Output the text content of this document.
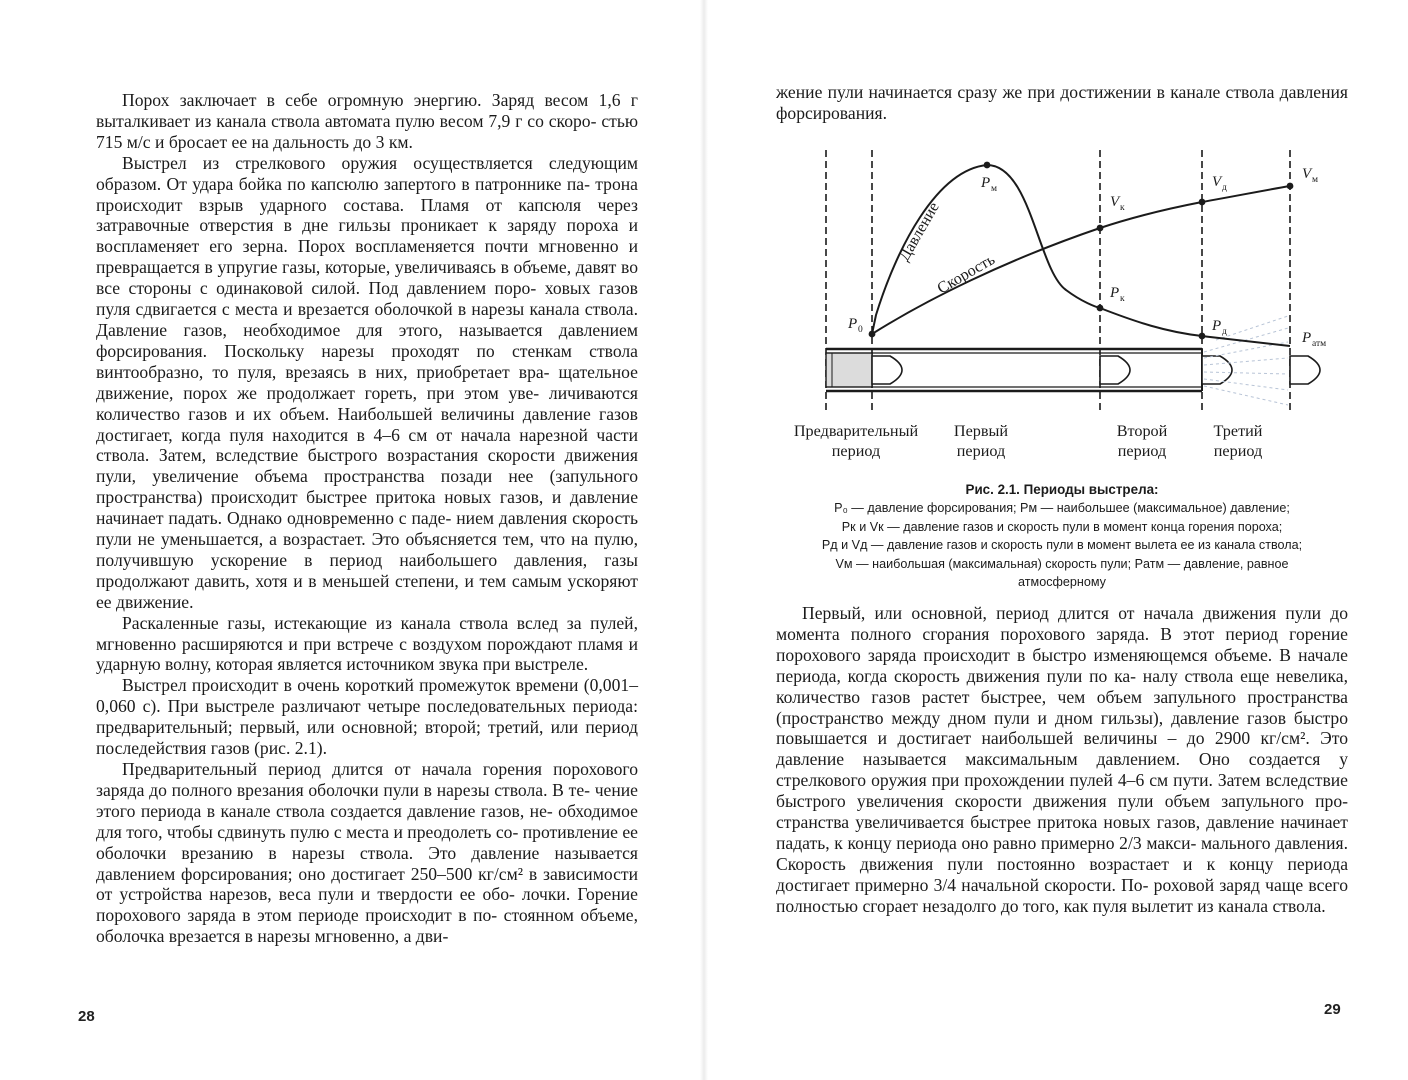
Порох заключает в себе огромную энергию. Заряд весом 1,6 г выталкивает из канала ствола автомата пулю весом 7,9 г со скоро- стью 715 м/с и бросает ее на дальность до 3 км.

Выстрел из стрелкового оружия осуществляется следующим образом. От удара бойка по капсюлю запертого в патроннике па- трона происходит взрыв ударного состава. Пламя от капсюля через затравочные отверстия в дне гильзы проникает к заряду пороха и воспламеняет его зерна. Порох воспламеняется почти мгновенно и превращается в упругие газы, которые, увеличиваясь в объеме, давят во все стороны с одинаковой силой. Под давлением поро- ховых газов пуля сдвигается с места и врезается оболочкой в нарезы канала ствола. Давление газов, необходимое для этого, называется давлением форсирования. Поскольку нарезы проходят по стенкам ствола винтообразно, то пуля, врезаясь в них, приобретает вра- щательное движение, порох же продолжает гореть, при этом уве- личиваются количество газов и их объем. Наибольшей величины давление газов достигает, когда пуля находится в 4–6 см от начала нарезной части ствола. Затем, вследствие быстрого возрастания скорости движения пули, увеличение объема пространства позади нее (запульного пространства) происходит быстрее притока новых газов, и давление начинает падать. Однако одновременно с паде- нием давления скорость пули не уменьшается, а возрастает. Это объясняется тем, что на пулю, получившую ускорение в период наибольшего давления, газы продолжают давить, хотя и в меньшей степени, и тем самым ускоряют ее движение.

Раскаленные газы, истекающие из канала ствола вслед за пулей, мгновенно расширяются и при встрече с воздухом порождают пламя и ударную волну, которая является источником звука при выстреле.

Выстрел происходит в очень короткий промежуток времени (0,001–0,060 с). При выстреле различают четыре последовательных периода: предварительный; первый, или основной; второй; третий, или период последействия газов (рис. 2.1).

Предварительный период длится от начала горения порохового заряда до полного врезания оболочки пули в нарезы ствола. В те- чение этого периода в канале ствола создается давление газов, не- обходимое для того, чтобы сдвинуть пулю с места и преодолеть со- противление ее оболочки врезанию в нарезы ствола. Это давление называется давлением форсирования; оно достигает 250–500 кг/см² в зависимости от устройства нарезов, веса пули и твердости ее обо- лочки. Горение порохового заряда в этом периоде происходит в по- стоянном объеме, оболочка врезается в нарезы мгновенно, а дви-

28

жение пули начинается сразу же при достижении в канале ствола давления форсирования.

Давление
Скорость
P 0
P м
P к
P д	P атм
V к
V д
V м
Предварительный
период
Первый
период
Второй
период
Третий
период
Рис. 2.1. Периоды выстрела:
P₀ — давление форсирования; Pм — наибольшее (максимальное) давление;
Pк и Vк — давление газов и скорость пули в момент конца горения пороха;
Pд и Vд — давление газов и скорость пули в момент вылета ее из канала ствола;
Vм — наибольшая (максимальная) скорость пули; Pатм — давление, равное
атмосферному

Первый, или основной, период длится от начала движения пули до момента полного сгорания порохового заряда. В этот период горение порохового заряда происходит в быстро изменяющемся объеме. В начале периода, когда скорость движения пули по ка- налу ствола еще невелика, количество газов растет быстрее, чем объем запульного пространства (пространство между дном пули и дном гильзы), давление газов быстро повышается и достигает наибольшей величины – до 2900 кг/см². Это давление называется максимальным давлением. Оно создается у стрелкового оружия при прохождении пулей 4–6 см пути. Затем вследствие быстрого увеличения скорости движения пули объем запульного про- странства увеличивается быстрее притока новых газов, давление начинает падать, к концу периода оно равно примерно 2/3 макси- мального давления. Скорость движения пули постоянно возрастает и к концу периода достигает примерно 3/4 начальной скорости. По- роховой заряд чаще всего полностью сгорает незадолго до того, как пуля вылетит из канала ствола.

29
